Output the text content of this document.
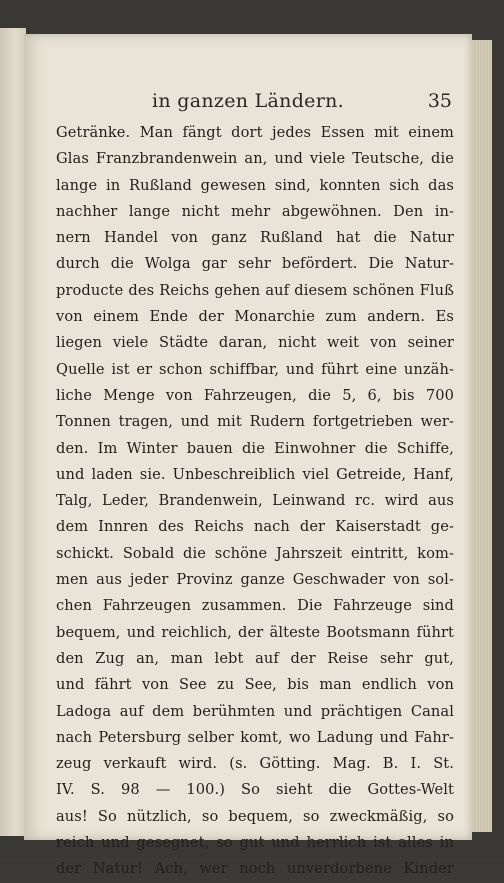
in ganzen Ländern.	35
Getränke. Man fängt dort jedes Essen mit einem
Glas Franzbrandenwein an, und viele Teutsche, die
lange in Rußland gewesen sind, konnten sich das
nachher lange nicht mehr abgewöhnen. Den in-
nern Handel von ganz Rußland hat die Natur
durch die Wolga gar sehr befördert. Die Natur-
producte des Reichs gehen auf diesem schönen Fluß
von einem Ende der Monarchie zum andern. Es
liegen viele Städte daran, nicht weit von seiner
Quelle ist er schon schiffbar, und führt eine unzäh-
liche Menge von Fahrzeugen, die 5, 6, bis 700
Tonnen tragen, und mit Rudern fortgetrieben wer-
den. Im Winter bauen die Einwohner die Schiffe,
und laden sie. Unbeschreiblich viel Getreide, Hanf,
Talg, Leder, Brandenwein, Leinwand rc. wird aus
dem Innren des Reichs nach der Kaiserstadt ge-
schickt. Sobald die schöne Jahrszeit eintritt, kom-
men aus jeder Provinz ganze Geschwader von sol-
chen Fahrzeugen zusammen. Die Fahrzeuge sind
bequem, und reichlich, der älteste Bootsmann führt
den Zug an, man lebt auf der Reise sehr gut,
und fährt von See zu See, bis man endlich von
Ladoga auf dem berühmten und prächtigen Canal
nach Petersburg selber komt, wo Ladung und Fahr-
zeug verkauft wird. (s. Götting. Mag. B. I. St.
IV. S. 98 — 100.) So sieht die Gottes-Welt
aus! So nützlich, so bequem, so zweckmäßig, so
reich und gesegnet, so gut und herrlich ist alles in
der Natur! Ach, wer noch unverdorbene Kinder
